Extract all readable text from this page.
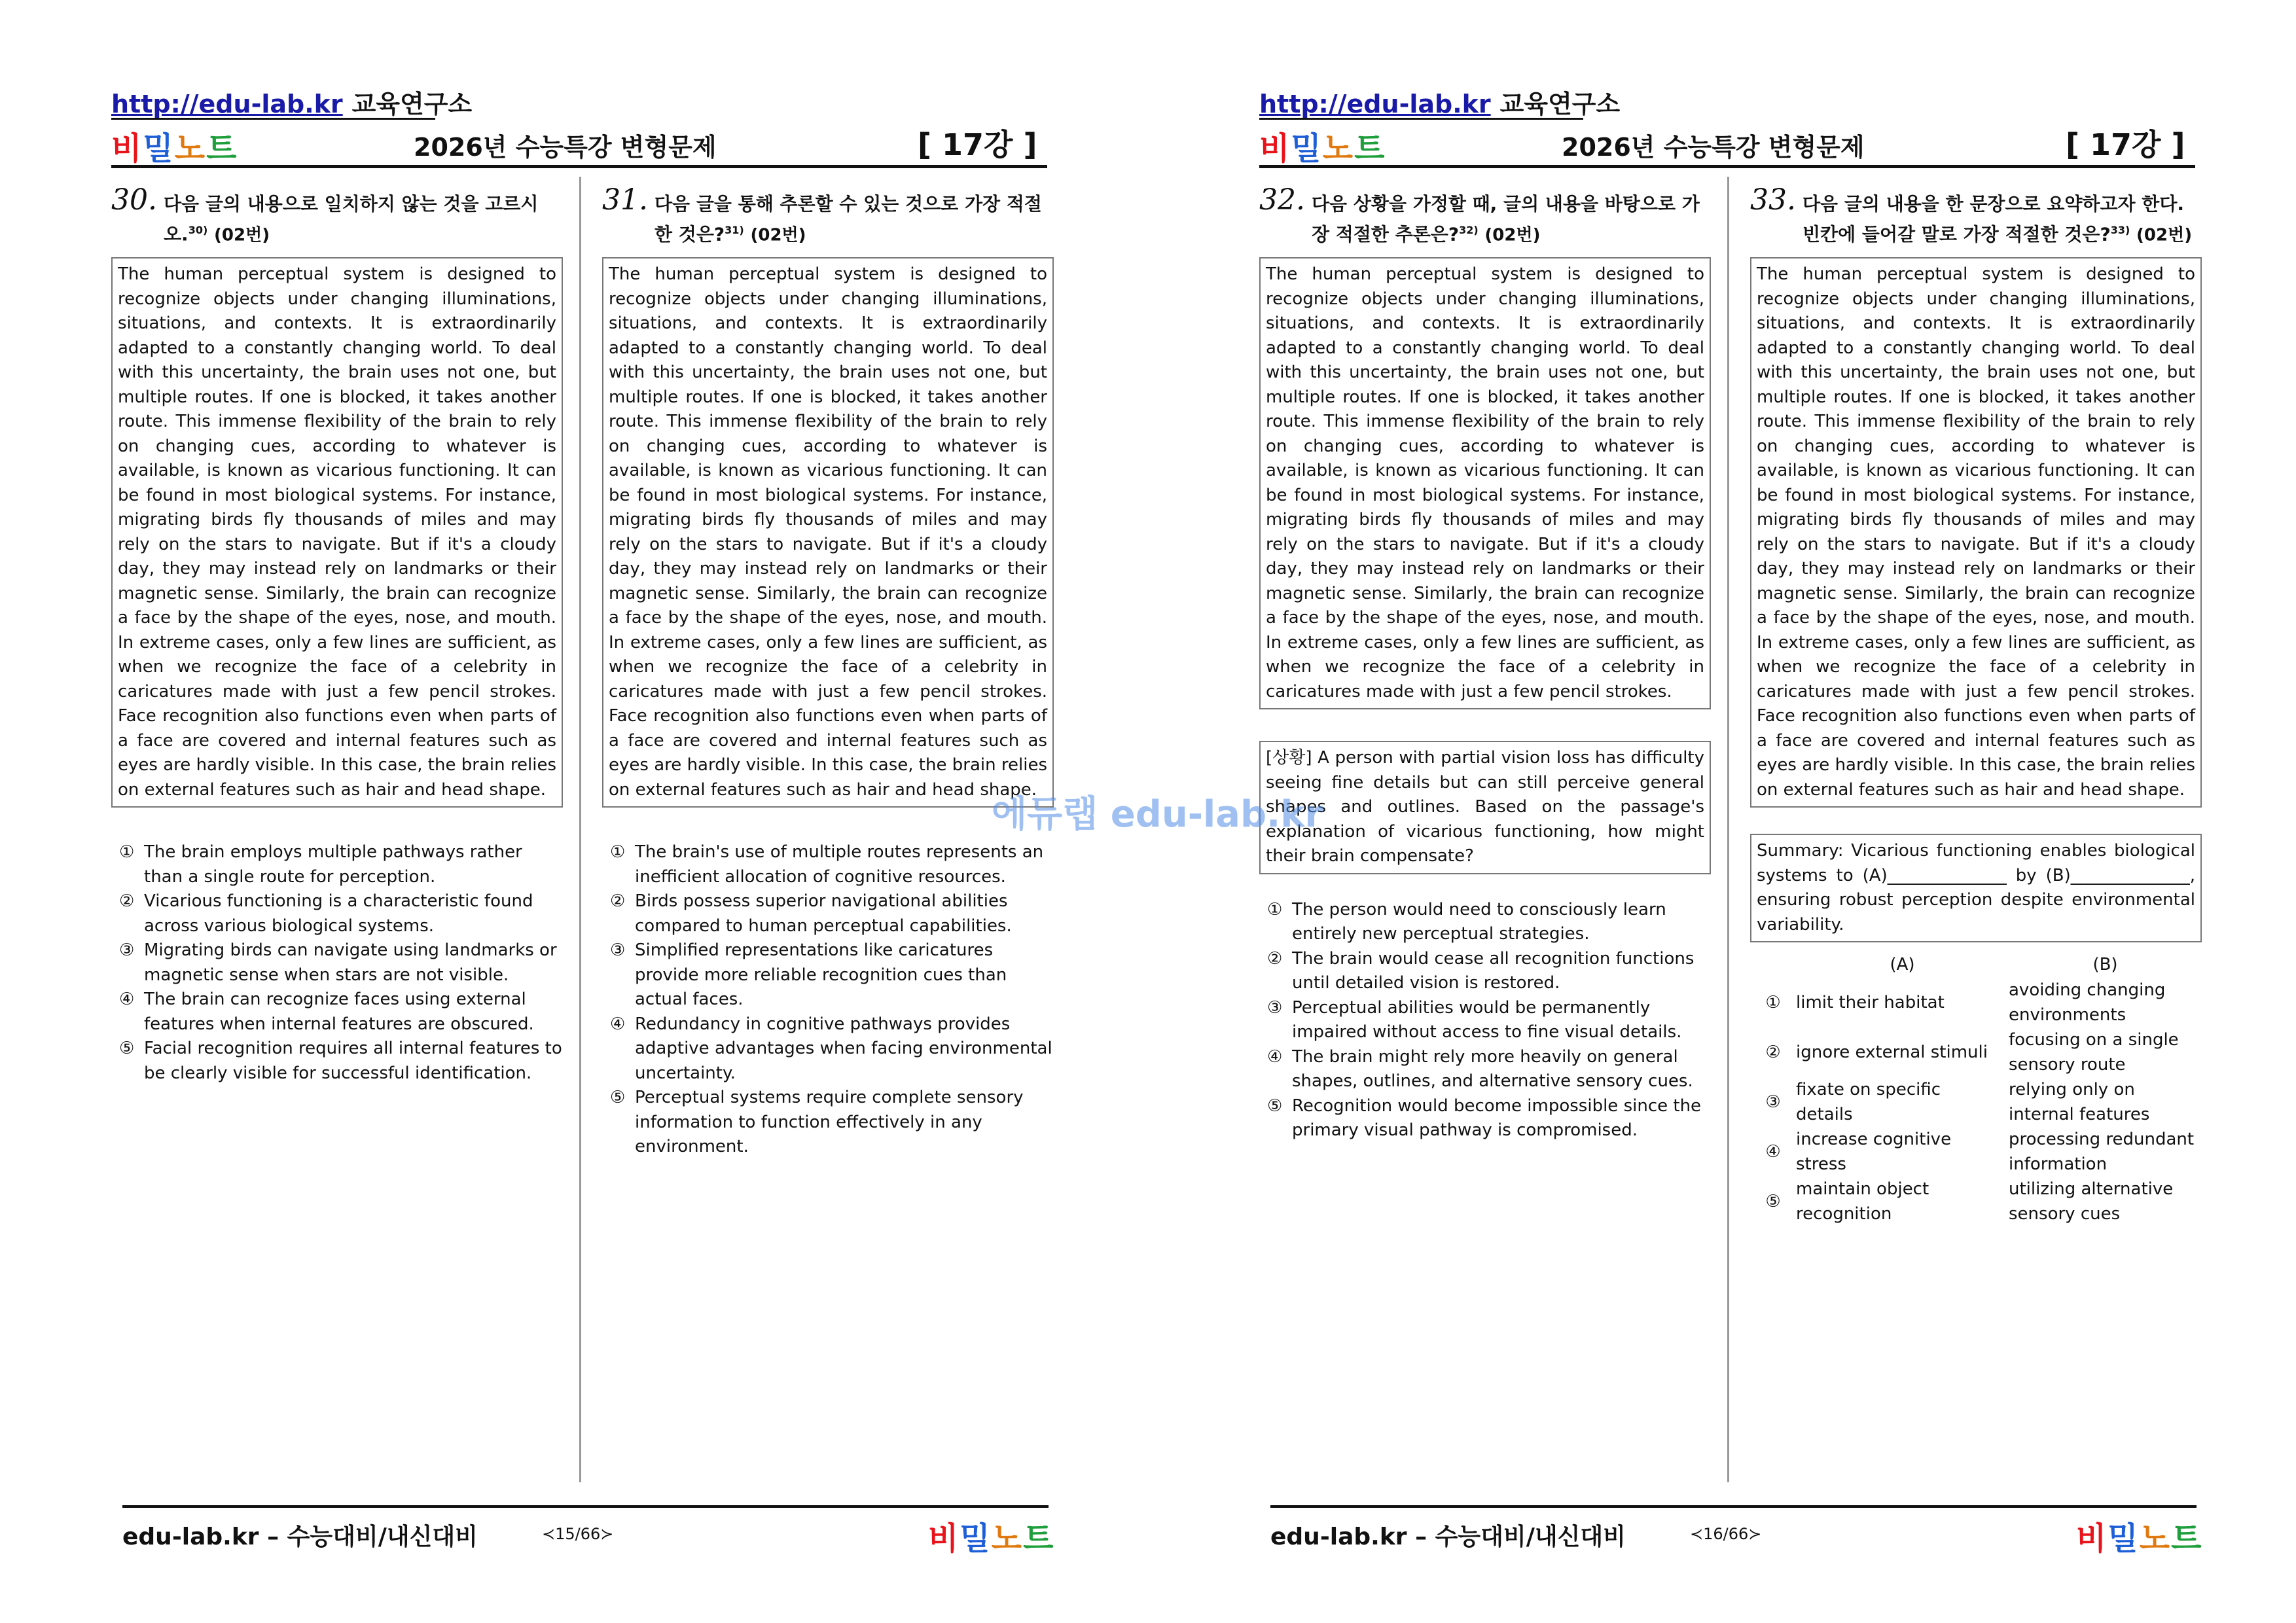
http://edu-lab.kr 교육연구소
비밀노트	2026년 수능특강 변형문제	[ 17강 ]
30. 다음 글의 내용으로 일치하지 않는 것을 고르시오.$^{30)}$ (02번)
The human perceptual system is designed to recognize objects under changing illuminations, situations, and contexts. It is extraordinarily adapted to a constantly changing world. To deal with this uncertainty, the brain uses not one, but multiple routes. If one is blocked, it takes another route. This immense flexibility of the brain to rely on changing cues, according to whatever is available, is known as vicarious functioning. It can be found in most biological systems. For instance, migrating birds fly thousands of miles and may rely on the stars to navigate. But if it's a cloudy day, they may instead rely on landmarks or their magnetic sense. Similarly, the brain can recognize a face by the shape of the eyes, nose, and mouth. In extreme cases, only a few lines are sufficient, as when we recognize the face of a celebrity in caricatures made with just a few pencil strokes. Face recognition also functions even when parts of a face are covered and internal features such as eyes are hardly visible. In this case, the brain relies on external features such as hair and head shape.
① The brain employs multiple pathways rather than a single route for perception.
② Vicarious functioning is a characteristic found across various biological systems.
③ Migrating birds can navigate using landmarks or magnetic sense when stars are not visible.
④ The brain can recognize faces using external features when internal features are obscured.
⑤ Facial recognition requires all internal features to be clearly visible for successful identification.
31. 다음 글을 통해 추론할 수 있는 것으로 가장 적절한 것은?$^{31)}$ (02번)
The human perceptual system is designed to recognize objects under changing illuminations, situations, and contexts. It is extraordinarily adapted to a constantly changing world. To deal with this uncertainty, the brain uses not one, but multiple routes. If one is blocked, it takes another route. This immense flexibility of the brain to rely on changing cues, according to whatever is available, is known as vicarious functioning. It can be found in most biological systems. For instance, migrating birds fly thousands of miles and may rely on the stars to navigate. But if it's a cloudy day, they may instead rely on landmarks or their magnetic sense. Similarly, the brain can recognize a face by the shape of the eyes, nose, and mouth. In extreme cases, only a few lines are sufficient, as when we recognize the face of a celebrity in caricatures made with just a few pencil strokes. Face recognition also functions even when parts of a face are covered and internal features such as eyes are hardly visible. In this case, the brain relies on external features such as hair and head shape.
① The brain's use of multiple routes represents an inefficient allocation of cognitive resources.
② Birds possess superior navigational abilities compared to human perceptual capabilities.
③ Simplified representations like caricatures provide more reliable recognition cues than actual faces.
④ Redundancy in cognitive pathways provides adaptive advantages when facing environmental uncertainty.
⑤ Perceptual systems require complete sensory information to function effectively in any environment.
edu-lab.kr – 수능대비/내신대비	≺15/66≻	비밀노트
http://edu-lab.kr 교육연구소
비밀노트	2026년 수능특강 변형문제	[ 17강 ]
32. 다음 상황을 가정할 때, 글의 내용을 바탕으로 가장 적절한 추론은?$^{32)}$ (02번)
The human perceptual system is designed to recognize objects under changing illuminations, situations, and contexts. It is extraordinarily adapted to a constantly changing world. To deal with this uncertainty, the brain uses not one, but multiple routes. If one is blocked, it takes another route. This immense flexibility of the brain to rely on changing cues, according to whatever is available, is known as vicarious functioning. It can be found in most biological systems. For instance, migrating birds fly thousands of miles and may rely on the stars to navigate. But if it's a cloudy day, they may instead rely on landmarks or their magnetic sense. Similarly, the brain can recognize a face by the shape of the eyes, nose, and mouth. In extreme cases, only a few lines are sufficient, as when we recognize the face of a celebrity in caricatures made with just a few pencil strokes.
[상황] A person with partial vision loss has difficulty seeing fine details but can still perceive general shapes and outlines. Based on the passage's explanation of vicarious functioning, how might their brain compensate?
① The person would need to consciously learn entirely new perceptual strategies.
② The brain would cease all recognition functions until detailed vision is restored.
③ Perceptual abilities would be permanently impaired without access to fine visual details.
④ The brain might rely more heavily on general shapes, outlines, and alternative sensory cues.
⑤ Recognition would become impossible since the primary visual pathway is compromised.
33. 다음 글의 내용을 한 문장으로 요약하고자 한다. 빈칸에 들어갈 말로 가장 적절한 것은?$^{33)}$ (02번)
The human perceptual system is designed to recognize objects under changing illuminations, situations, and contexts. It is extraordinarily adapted to a constantly changing world. To deal with this uncertainty, the brain uses not one, but multiple routes. If one is blocked, it takes another route. This immense flexibility of the brain to rely on changing cues, according to whatever is available, is known as vicarious functioning. It can be found in most biological systems. For instance, migrating birds fly thousands of miles and may rely on the stars to navigate. But if it's a cloudy day, they may instead rely on landmarks or their magnetic sense. Similarly, the brain can recognize a face by the shape of the eyes, nose, and mouth. In extreme cases, only a few lines are sufficient, as when we recognize the face of a celebrity in caricatures made with just a few pencil strokes. Face recognition also functions even when parts of a face are covered and internal features such as eyes are hardly visible. In this case, the brain relies on external features such as hair and head shape.
Summary: Vicarious functioning enables biological systems to (A)______________ by (B)______________, ensuring robust perception despite environmental variability.
	(A)	(B)
①	limit their habitat	avoiding changing environments
②	ignore external stimuli	focusing on a single sensory route
③	fixate on specific details	relying only on internal features
④	increase cognitive stress	processing redundant information
⑤	maintain object recognition	utilizing alternative sensory cues
edu-lab.kr – 수능대비/내신대비	≺16/66≻	비밀노트
에듀랩 edu-lab.kr
